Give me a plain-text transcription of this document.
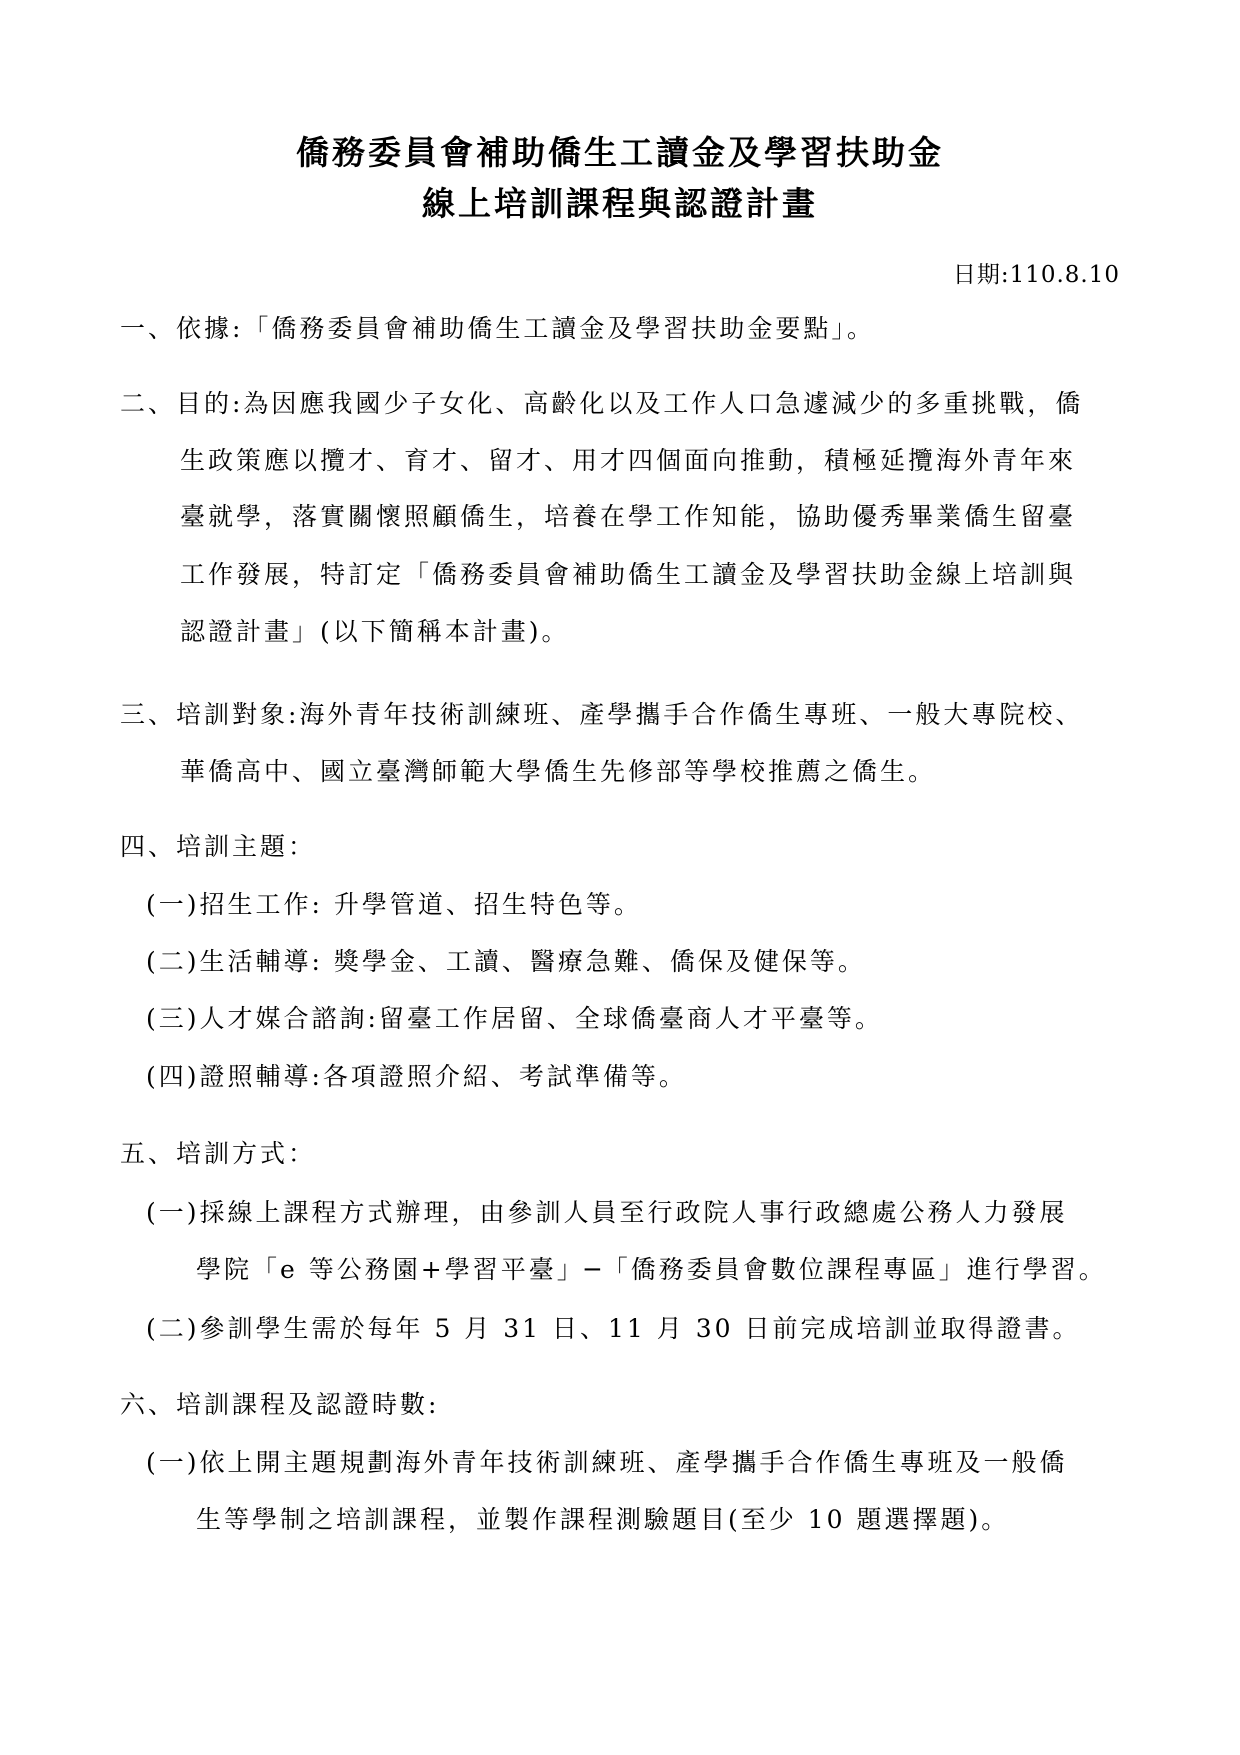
僑務委員會補助僑生工讀金及學習扶助金
線上培訓課程與認證計畫
日期:110.8.10
一、依據:「僑務委員會補助僑生工讀金及學習扶助金要點」。
二、目的:為因應我國少子女化、高齡化以及工作人口急遽減少的多重挑戰，僑
生政策應以攬才、育才、留才、用才四個面向推動，積極延攬海外青年來
臺就學，落實關懷照顧僑生，培養在學工作知能，協助優秀畢業僑生留臺
工作發展，特訂定「僑務委員會補助僑生工讀金及學習扶助金線上培訓與
認證計畫」(以下簡稱本計畫)。
三、培訓對象:海外青年技術訓練班、產學攜手合作僑生專班、一般大專院校、
華僑高中、國立臺灣師範大學僑生先修部等學校推薦之僑生。
四、培訓主題：
(一)招生工作: 升學管道、招生特色等。
(二)生活輔導: 獎學金、工讀、醫療急難、僑保及健保等。
(三)人才媒合諮詢:留臺工作居留、全球僑臺商人才平臺等。
(四)證照輔導:各項證照介紹、考試準備等。
五、培訓方式：
(一)採線上課程方式辦理，由參訓人員至行政院人事行政總處公務人力發展
學院「e 等公務園+學習平臺」─「僑務委員會數位課程專區」進行學習。
(二)參訓學生需於每年 5 月 31 日、11 月 30 日前完成培訓並取得證書。
六、培訓課程及認證時數:
(一)依上開主題規劃海外青年技術訓練班、產學攜手合作僑生專班及一般僑
生等學制之培訓課程，並製作課程測驗題目(至少 10 題選擇題)。
